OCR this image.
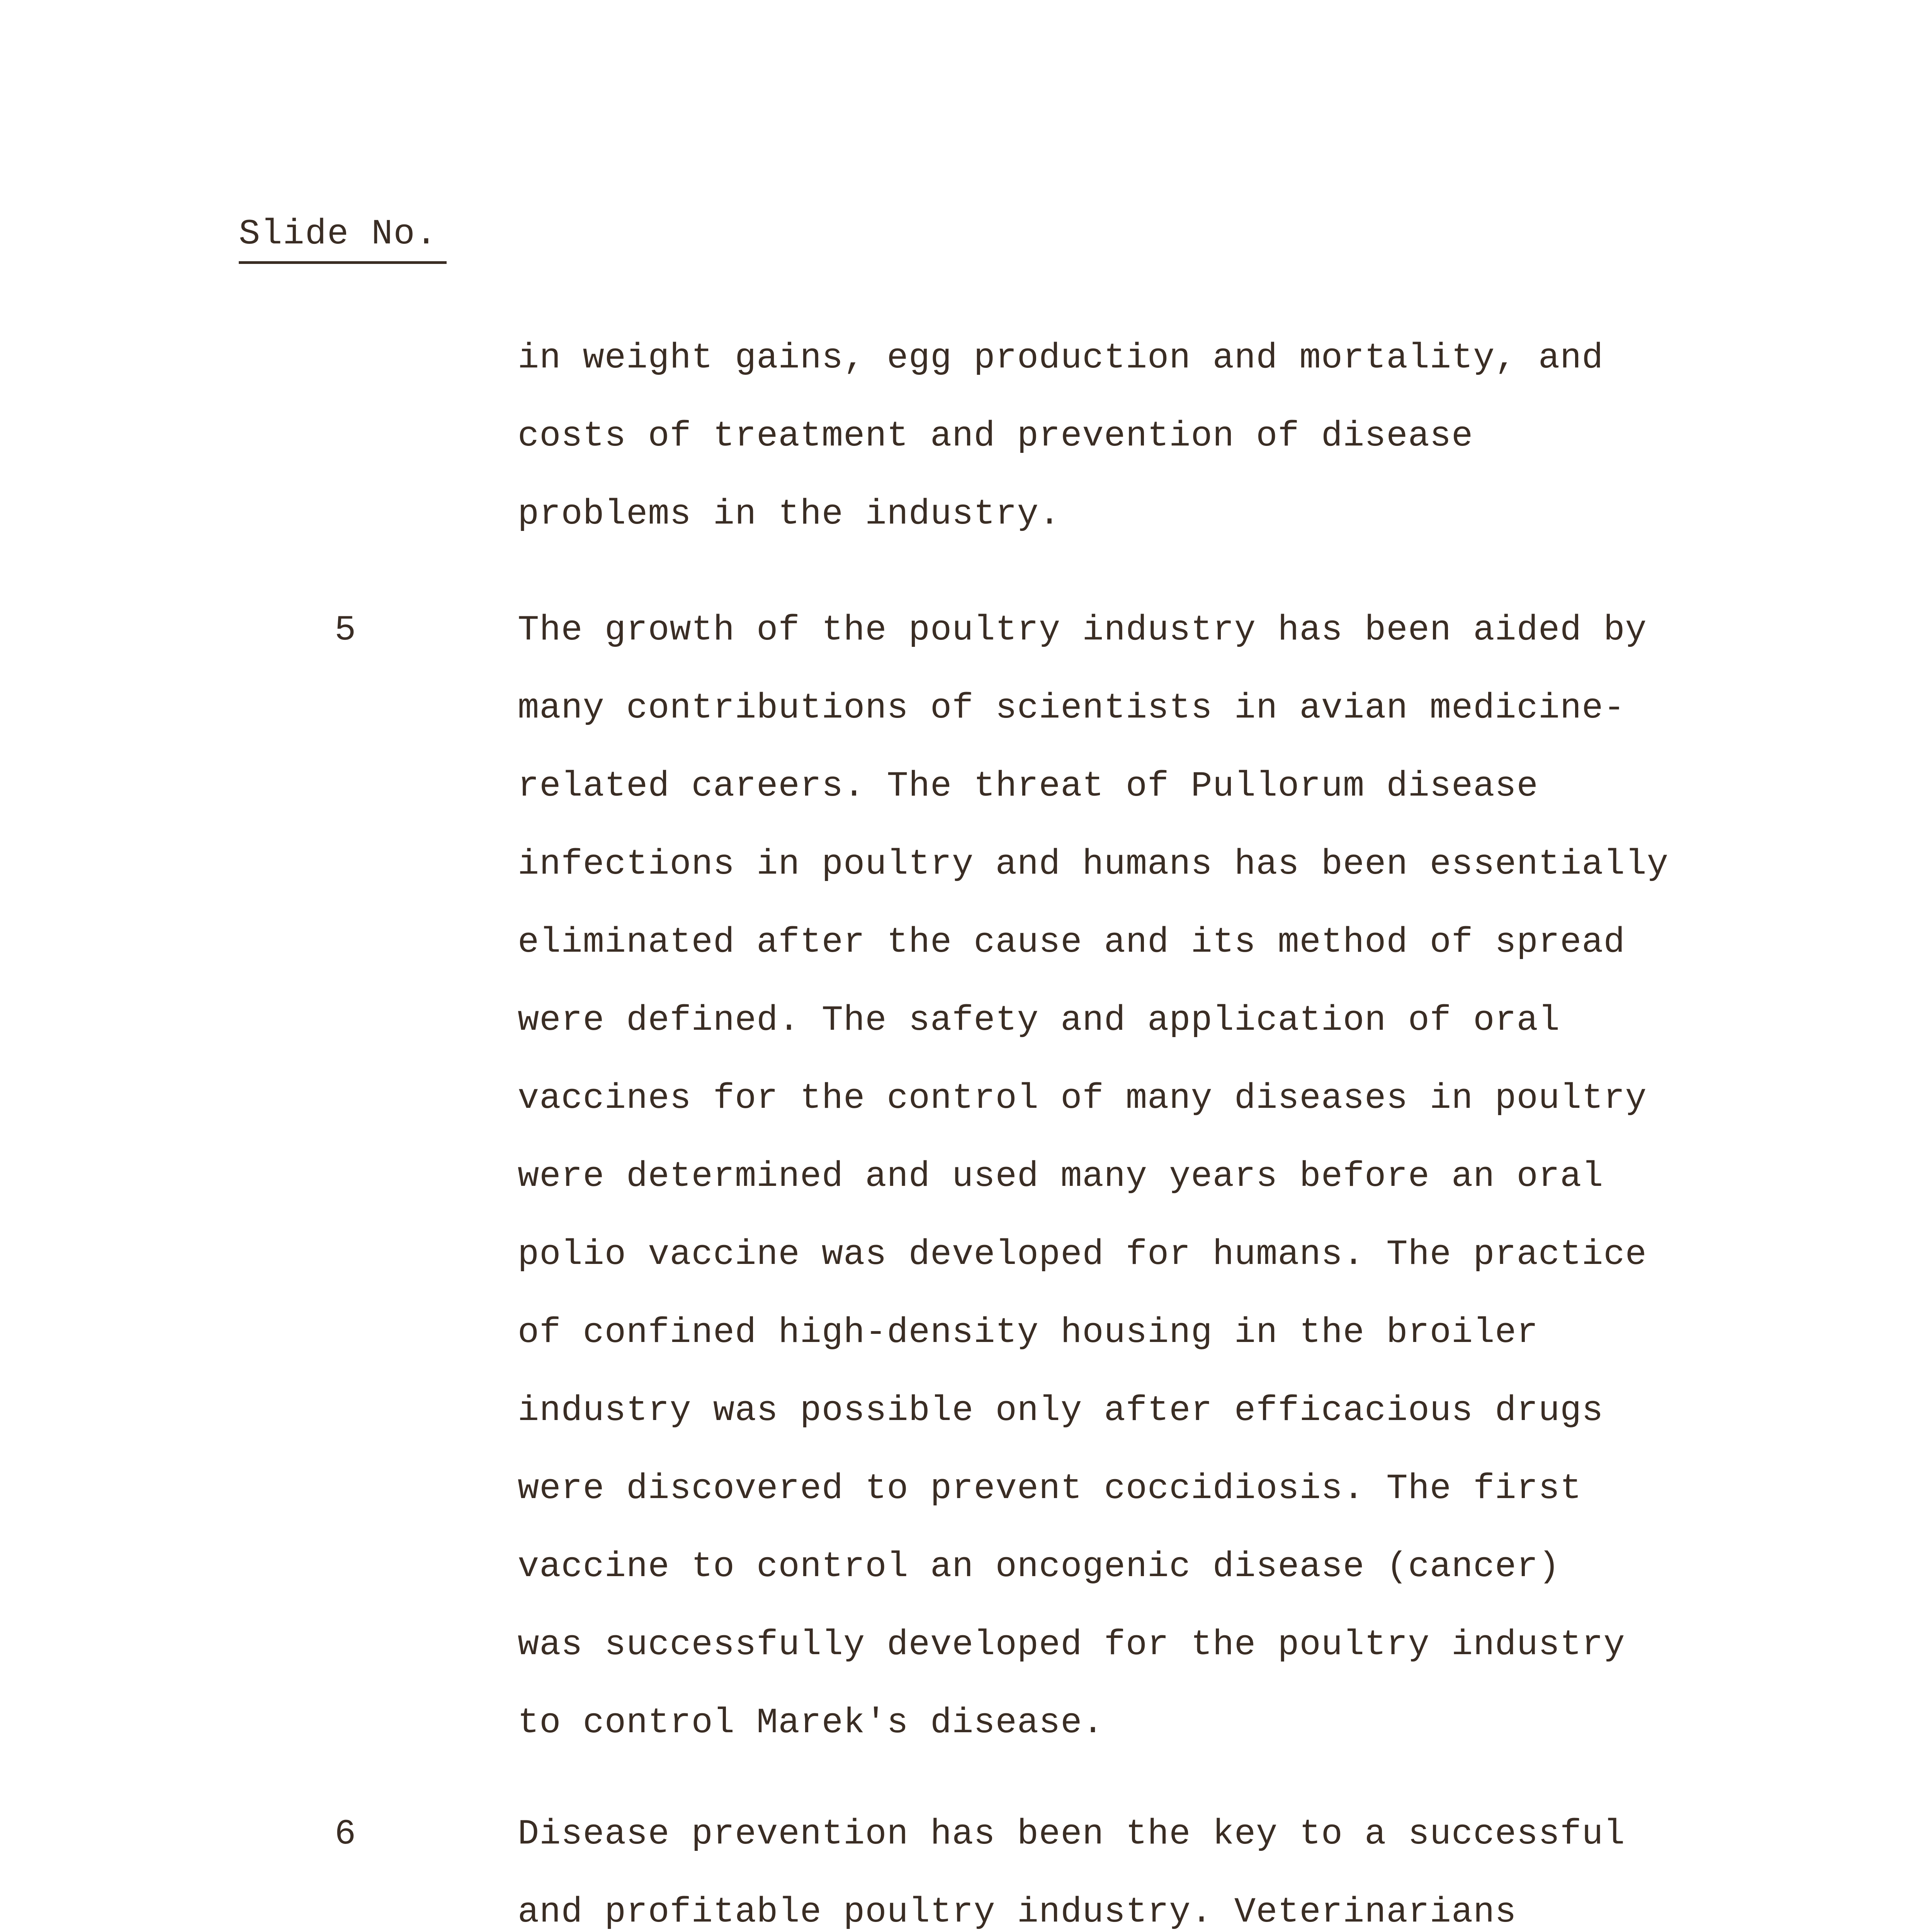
Slide No.
in weight gains, egg production and mortality, and
costs of treatment and prevention of disease
problems in the industry.
5	The growth of the poultry industry has been aided by
many contributions of scientists in avian medicine-
related careers. The threat of Pullorum disease
infections in poultry and humans has been essentially
eliminated after the cause and its method of spread
were defined. The safety and application of oral
vaccines for the control of many diseases in poultry
were determined and used many years before an oral
polio vaccine was developed for humans. The practice
of confined high-density housing in the broiler
industry was possible only after efficacious drugs
were discovered to prevent coccidiosis. The first
vaccine to control an oncogenic disease (cancer)
was successfully developed for the poultry industry
to control Marek's disease.
6	Disease prevention has been the key to a successful
and profitable poultry industry. Veterinarians
